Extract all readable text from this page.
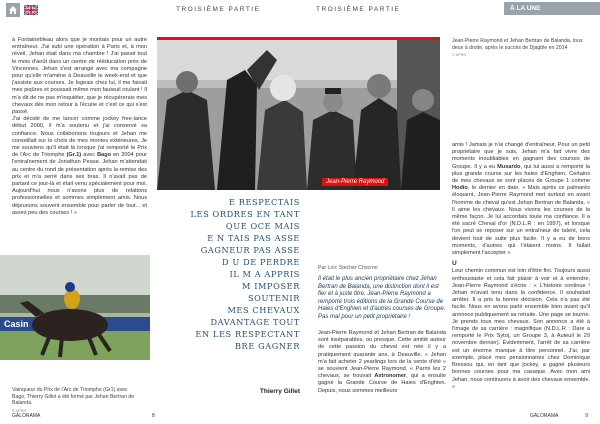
TROISIÈME PARTIE	TROISIÈME PARTIE	À LA UNE

à Fontainebleau alors que je montais pour un autre entraîneur. J'ai subi une opération à Paris et, à mon réveil, Jehan était dans ma chambre ! J'ai passé tout le mois d'août dans un centre de rééducation près de Vincennes. Jehan s'est arrangé avec ma compagne pour qu'elle m'amène à Deauville le week-end et que j'assiste aux courses. Je logeais chez lui, il me faisait mes piqûres et poussait même mon fauteuil roulant ! Il m'a dit de ne pas m'inquiéter, que je récupérerais mes chevaux dès mon retour à l'écurie et c'est ce qui s'est passé.

J'ai décidé de me lancer comme jockey free-lance début 2000, il m'a soutenu et j'ai conservé sa confiance. Nous collaborions toujours et Jehan me conseillait sur le choix de mes montes extérieures. Je me souviens qu'il était là lorsque j'ai remporté le Prix de l'Arc de Triomphe (Gr.1) avec Bago en 2004 pour l'entraînement de Jonathan Pease. Jehan m'attendait au centre du rond de présentation après la remise des prix et m'a serré dans ses bras. Il n'avait pas de partant ce jour-là et était venu spécialement pour moi. Aujourd'hui nous n'avons plus de relations professionnelles et sommes simplement amis. Nous déjeunons souvent ensemble pour parler de tout... et assez peu des courses ! »

Casin
Vainqueur du Prix de l'Arc de Triomphe (Gr1) avec Bago, Thierry Gillet a été formé par Jehan Bertran de Balanda.
© APRH
Jean-Pierre Raymond
Jean-Pierre Raymond et Jehan Bertran de Balanda, tous deux à droite, après le succès de Djagble en 2014
© APRH
E RESPECTAIS
LES ORDRES EN TANT
QUE OCE MAIS
E N TAIS PAS ASSE
GAGNEUR PAS ASSE
D U DE PERDRE
IL M A APPRIS
M IMPOSER
SOUTENIR
MES CHEVAUX
DAVANTAGE TOUT
EN LES RESPECTANT
BRE GAGNER
Thierry Gillet
Par Loïc Stecher Chocron
Il était le plus ancien propriétaire chez Jehan Bertran de Balanda, une distinction dont il est fier et à juste titre. Jean-Pierre Raymond a remporté trois éditions de la Grande Course de Haies d'Enghien et d'autres courses de Groupe. Pas mal pour un petit propriétaire !

Jean-Pierre Raymond et Jehan Bertran de Balanda sont inséparables, ou presque. Cette amitié autour de cette passion du cheval est née il y a pratiquement quarante ans, à Deauville. « Jehan m'a fait acheter 2 yearlings lors de la vente d'été » se souvient Jean-Pierre Raymond. « Parmi les 2 chevaux, se trouvait Astronomer, qui a ensuite gagné la Grande Course de Haies d'Enghien. Depuis, nous sommes meilleurs

amis ! Jamais je n'ai changé d'entraîneur. Pour un petit propriétaire que je suis, Jehan m'a fait vivre des moments inoubliables en gagnant des courses de Groupe. Il y a eu Musardo, qui lui aussi a remporté la plus grande course sur les haies d'Enghien. Certains de mes chevaux se sont placés de Groupe 1 comme Hodio, le dernier en date. » Mais après ce palmarès éloquent, Jean-Pierre Raymond met surtout en avant l'homme de cheval qu'est Jehan Bertran de Balanda. « Il aime les chevaux. Nous vivons les courses de la même façon. Je lui accordais toute ma confiance. Il a été sacré Cheval d'or (N.D.L.R : en 1997), et lorsque l'on peut se reposer sur un entraîneur de talent, cela devient tout de suite plus facile. Il y a eu de bons moments, d'autres qui l'étaient moins. Il fallait simplement l'accepter »

U

Leur chemin commun est loin d'être fini. Toujours aussi enthousiaste et cela fait plaisir à voir et à entendre, Jean-Pierre Raymond s'écrie : « L'histoire continue ! Jehan m'avait tenu dans la confidence. Il souhaitait arrêter. Il a pris la bonne décision. Cela n'a pas été facile. Nous en avons parlé ensemble bien avant qu'il annonce publiquement sa retraite. Une page se tourne. Je prends tous mes chevaux. Son annonce a été à l'image de sa carrière : magnifique (N.D.L.R : Dare a remporté le Prix Sytoj, un Groupe 3, à Auteuil le 29 novembre dernier). Évidemment, l'arrêt de sa carrière est un énorme manque à titre personnel. J'ai, par exemple, placé mes pensionnaires chez Dominique Bressou qui, en tant que jockey, a gagné plusieurs bonnes courses pour ma casaque. Avec mon ami Jehan, nous continuons à avoir des chevaux ensemble. »

GALORAMA	8	GALORAMA	9
